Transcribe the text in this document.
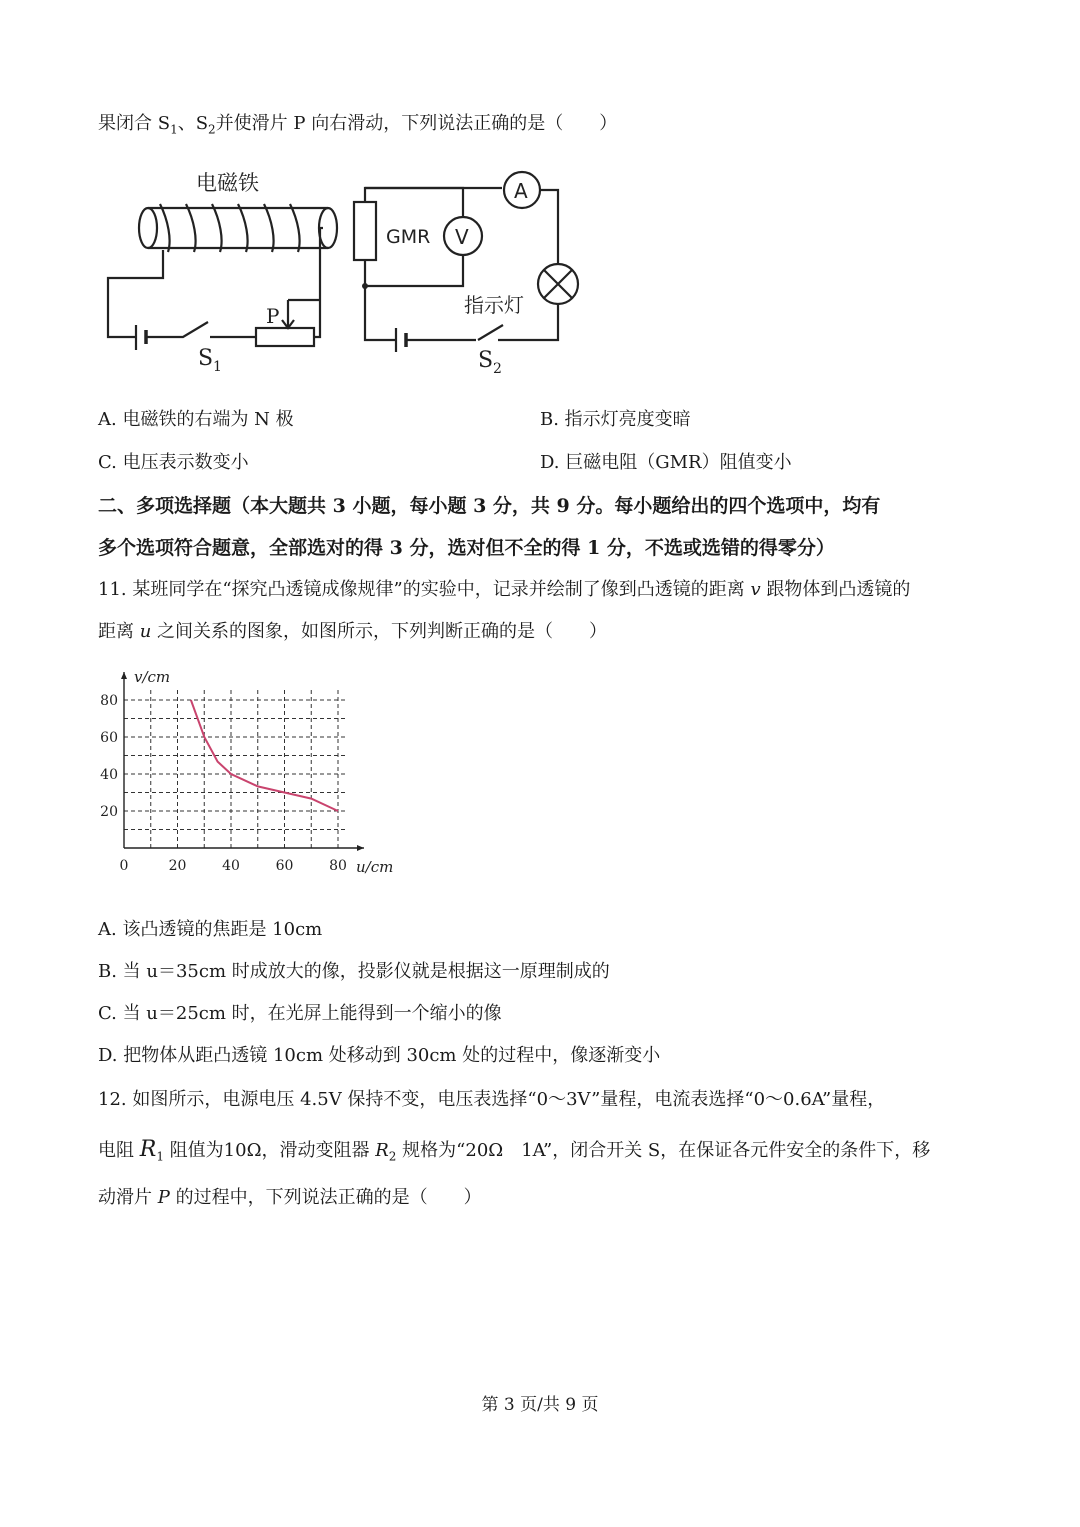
果闭合 $S_1$、$S_2$并使滑片 P 向右滑动，下列说法正确的是（　　）
电磁铁
P
S 1
GMR V
A
指示灯
S 2
A. 电磁铁的右端为 N 极	B. 指示灯亮度变暗
C. 电压表示数变小	D. 巨磁电阻（GMR）阻值变小
二、多项选择题（本大题共 3 小题，每小题 3 分，共 9 分。每小题给出的四个选项中，均有
多个选项符合题意，全部选对的得 3 分，选对但不全的得 1 分，不选或选错的得零分）
11. 某班同学在“探究凸透镜成像规律”的实验中，记录并绘制了像到凸透镜的距离 v 跟物体到凸透镜的
距离 u 之间关系的图象，如图所示，下列判断正确的是（　　）
0	20	40	60	80
20
40
60
80
v/cm
u/cm
A. 该凸透镜的焦距是 10cm
B. 当 u＝35cm 时成放大的像，投影仪就是根据这一原理制成的
C. 当 u＝25cm 时，在光屏上能得到一个缩小的像
D. 把物体从距凸透镜 10cm 处移动到 30cm 处的过程中，像逐渐变小
12. 如图所示，电源电压 4.5V 保持不变，电压表选择“0～3V”量程，电流表选择“0～0.6A”量程，
电阻 $R_1$ 阻值为10Ω，滑动变阻器 $R_2$ 规格为“20Ω　1A”，闭合开关 S，在保证各元件安全的条件下，移
动滑片 P 的过程中，下列说法正确的是（　　）
第 3 页/共 9 页
